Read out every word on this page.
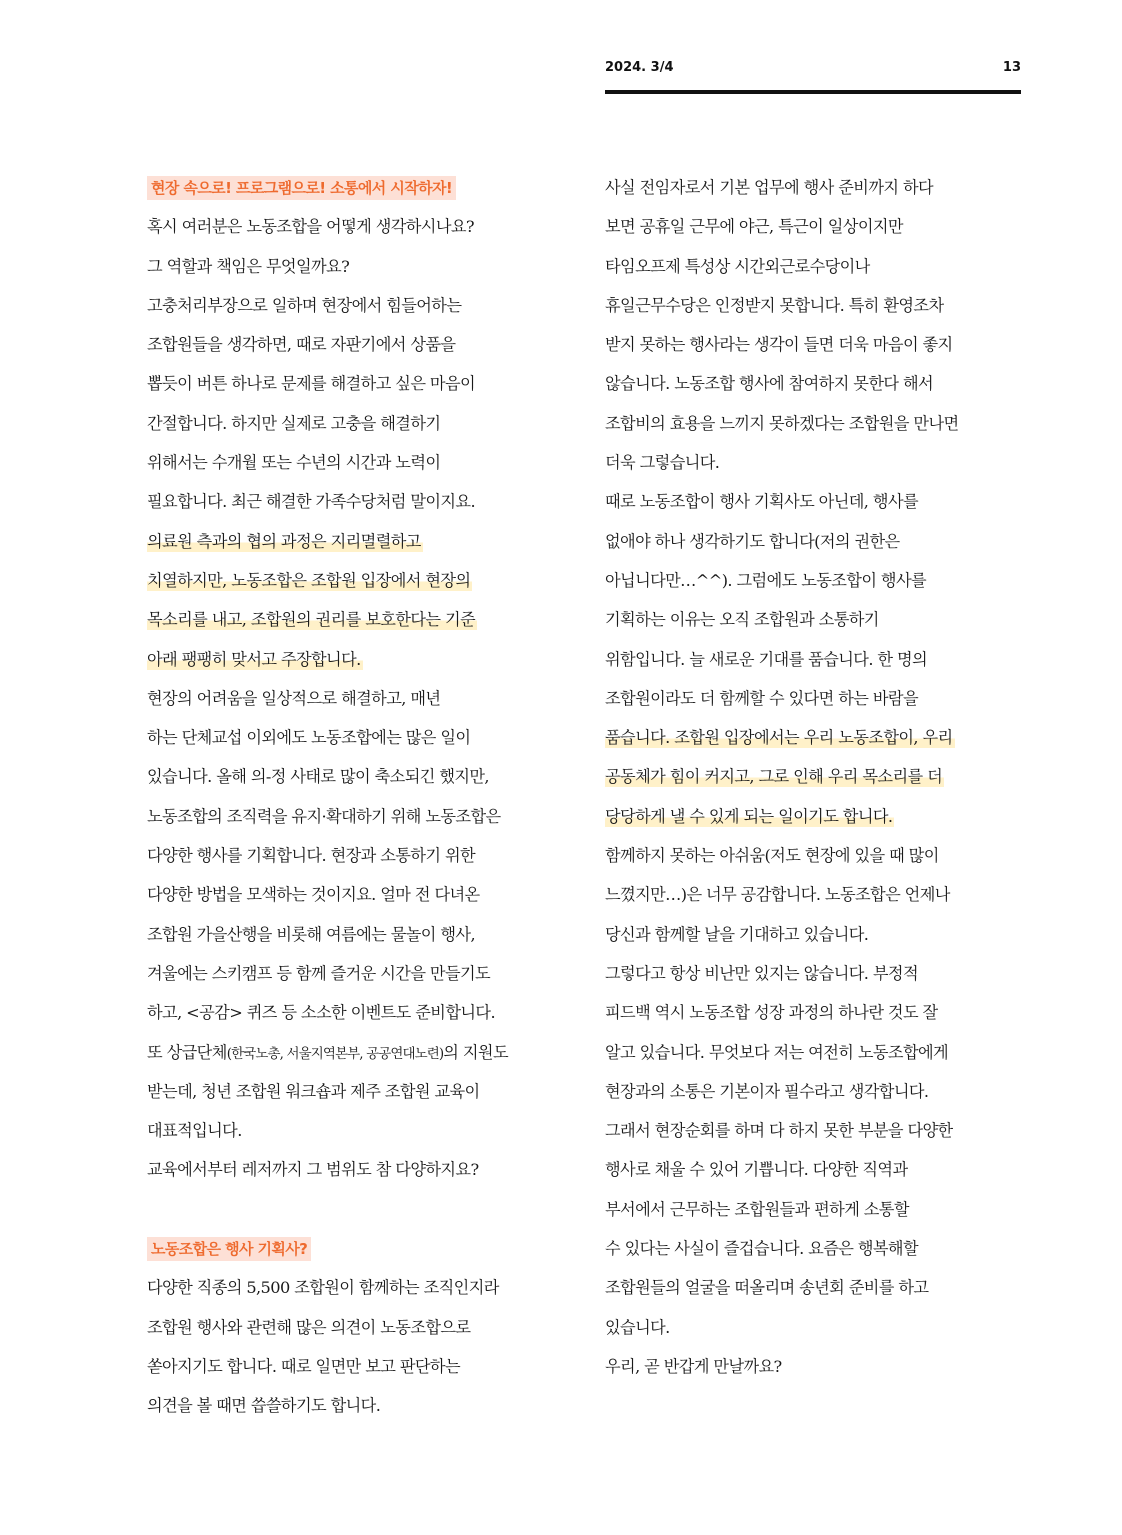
2024. 3/4	13
현장 속으로! 프로그램으로! 소통에서 시작하자!
혹시 여러분은 노동조합을 어떻게 생각하시나요?
그 역할과 책임은 무엇일까요?
고충처리부장으로 일하며 현장에서 힘들어하는
조합원들을 생각하면, 때로 자판기에서 상품을
뽑듯이 버튼 하나로 문제를 해결하고 싶은 마음이
간절합니다. 하지만 실제로 고충을 해결하기
위해서는 수개월 또는 수년의 시간과 노력이
필요합니다. 최근 해결한 가족수당처럼 말이지요.
의료원 측과의 협의 과정은 지리멸렬하고
치열하지만, 노동조합은 조합원 입장에서 현장의
목소리를 내고, 조합원의 권리를 보호한다는 기준
아래 팽팽히 맞서고 주장합니다.
현장의 어려움을 일상적으로 해결하고, 매년
하는 단체교섭 이외에도 노동조합에는 많은 일이
있습니다. 올해 의-정 사태로 많이 축소되긴 했지만,
노동조합의 조직력을 유지·확대하기 위해 노동조합은
다양한 행사를 기획합니다. 현장과 소통하기 위한
다양한 방법을 모색하는 것이지요. 얼마 전 다녀온
조합원 가을산행을 비롯해 여름에는 물놀이 행사,
겨울에는 스키캠프 등 함께 즐거운 시간을 만들기도
하고, <공감> 퀴즈 등 소소한 이벤트도 준비합니다.
또 상급단체(한국노총, 서울지역본부, 공공연대노련)의 지원도
받는데, 청년 조합원 워크숍과 제주 조합원 교육이
대표적입니다.
교육에서부터 레저까지 그 범위도 참 다양하지요?
노동조합은 행사 기획사?
다양한 직종의 5,500 조합원이 함께하는 조직인지라
조합원 행사와 관련해 많은 의견이 노동조합으로
쏟아지기도 합니다. 때로 일면만 보고 판단하는
의견을 볼 때면 씁쓸하기도 합니다.
사실 전임자로서 기본 업무에 행사 준비까지 하다
보면 공휴일 근무에 야근, 특근이 일상이지만
타임오프제 특성상 시간외근로수당이나
휴일근무수당은 인정받지 못합니다. 특히 환영조차
받지 못하는 행사라는 생각이 들면 더욱 마음이 좋지
않습니다. 노동조합 행사에 참여하지 못한다 해서
조합비의 효용을 느끼지 못하겠다는 조합원을 만나면
더욱 그렇습니다.
때로 노동조합이 행사 기획사도 아닌데, 행사를
없애야 하나 생각하기도 합니다(저의 권한은
아닙니다만…^^). 그럼에도 노동조합이 행사를
기획하는 이유는 오직 조합원과 소통하기
위함입니다. 늘 새로운 기대를 품습니다. 한 명의
조합원이라도 더 함께할 수 있다면 하는 바람을
품습니다. 조합원 입장에서는 우리 노동조합이, 우리
공동체가 힘이 커지고, 그로 인해 우리 목소리를 더
당당하게 낼 수 있게 되는 일이기도 합니다.
함께하지 못하는 아쉬움(저도 현장에 있을 때 많이
느꼈지만…)은 너무 공감합니다. 노동조합은 언제나
당신과 함께할 날을 기대하고 있습니다.
그렇다고 항상 비난만 있지는 않습니다. 부정적
피드백 역시 노동조합 성장 과정의 하나란 것도 잘
알고 있습니다. 무엇보다 저는 여전히 노동조합에게
현장과의 소통은 기본이자 필수라고 생각합니다.
그래서 현장순회를 하며 다 하지 못한 부분을 다양한
행사로 채울 수 있어 기쁩니다. 다양한 직역과
부서에서 근무하는 조합원들과 편하게 소통할
수 있다는 사실이 즐겁습니다. 요즘은 행복해할
조합원들의 얼굴을 떠올리며 송년회 준비를 하고
있습니다.
우리, 곧 반갑게 만날까요?
